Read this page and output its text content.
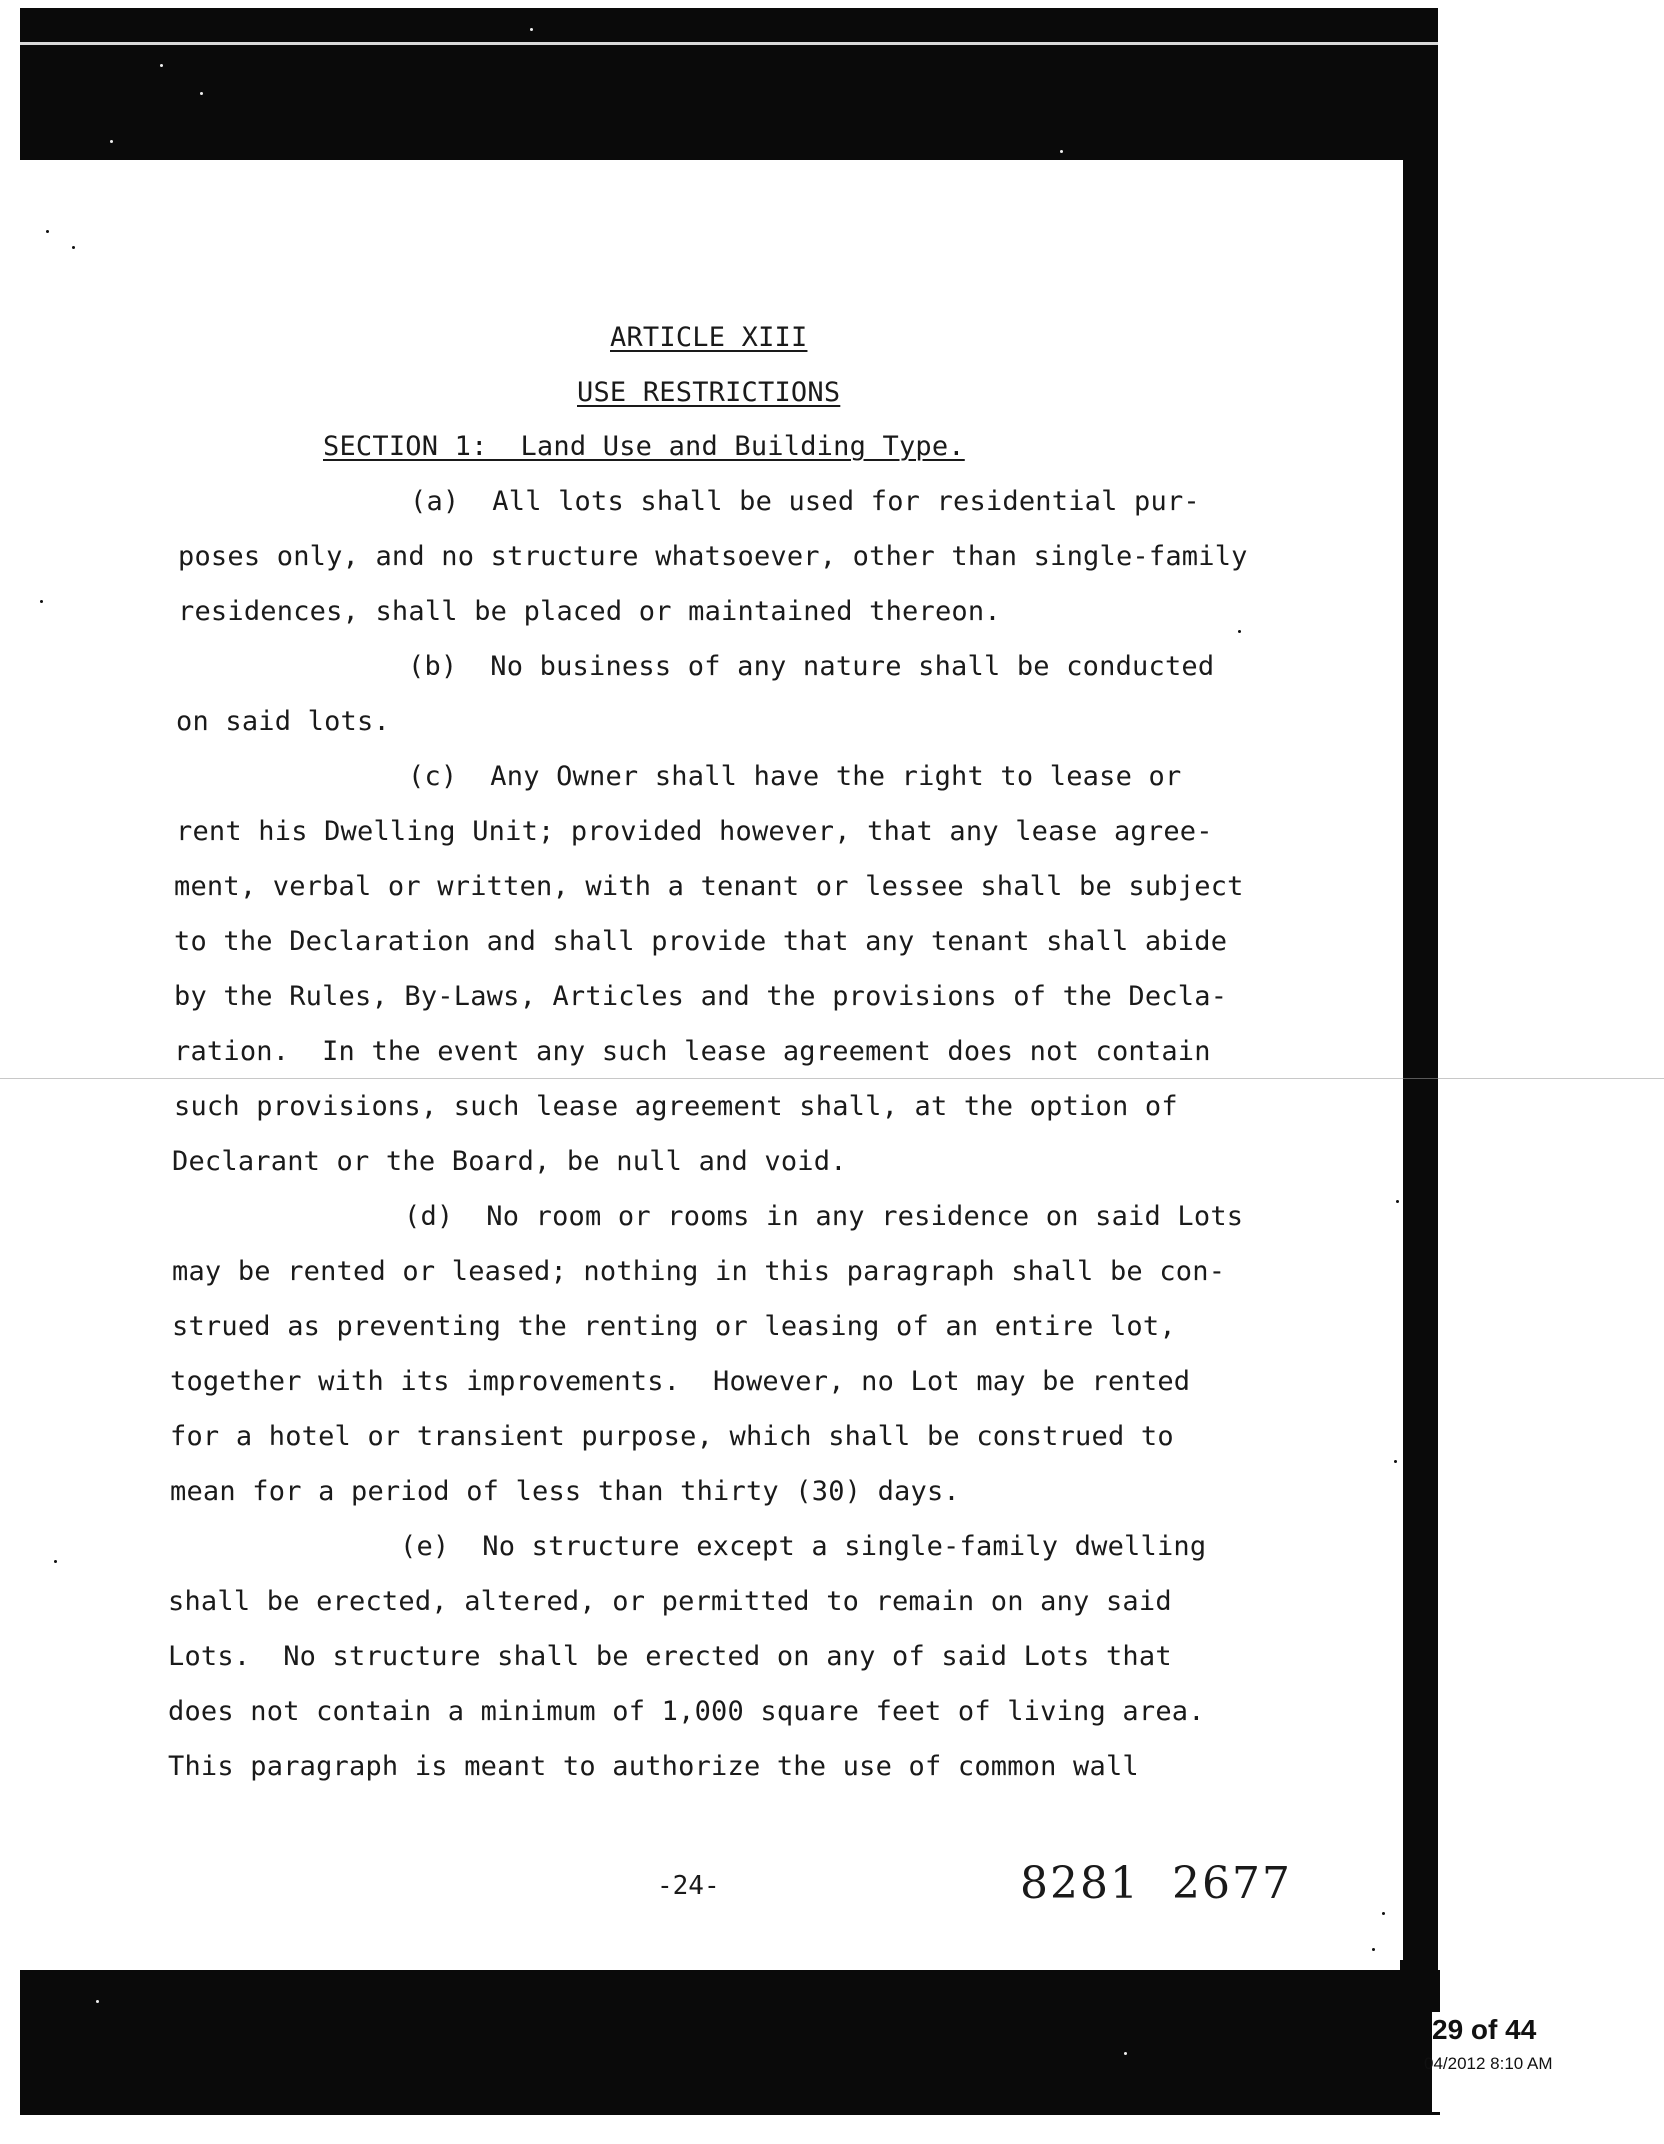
ARTICLE XIII
USE RESTRICTIONS
SECTION 1:  Land Use and Building Type.
(a)  All lots shall be used for residential pur-
poses only, and no structure whatsoever, other than single-family
residences, shall be placed or maintained thereon.
(b)  No business of any nature shall be conducted
on said lots.
(c)  Any Owner shall have the right to lease or
rent his Dwelling Unit; provided however, that any lease agree-
ment, verbal or written, with a tenant or lessee shall be subject
to the Declaration and shall provide that any tenant shall abide
by the Rules, By-Laws, Articles and the provisions of the Decla-
ration.  In the event any such lease agreement does not contain
such provisions, such lease agreement shall, at the option of
Declarant or the Board, be null and void.
(d)  No room or rooms in any residence on said Lots
may be rented or leased; nothing in this paragraph shall be con-
strued as preventing the renting or leasing of an entire lot,
together with its improvements.  However, no Lot may be rented
for a hotel or transient purpose, which shall be construed to
mean for a period of less than thirty (30) days.
(e)  No structure except a single-family dwelling
shall be erected, altered, or permitted to remain on any said
Lots.  No structure shall be erected on any of said Lots that
does not contain a minimum of 1,000 square feet of living area.
This paragraph is meant to authorize the use of common wall
-24-	8281 2677
29 of 44
04/2012 8:10 AM
